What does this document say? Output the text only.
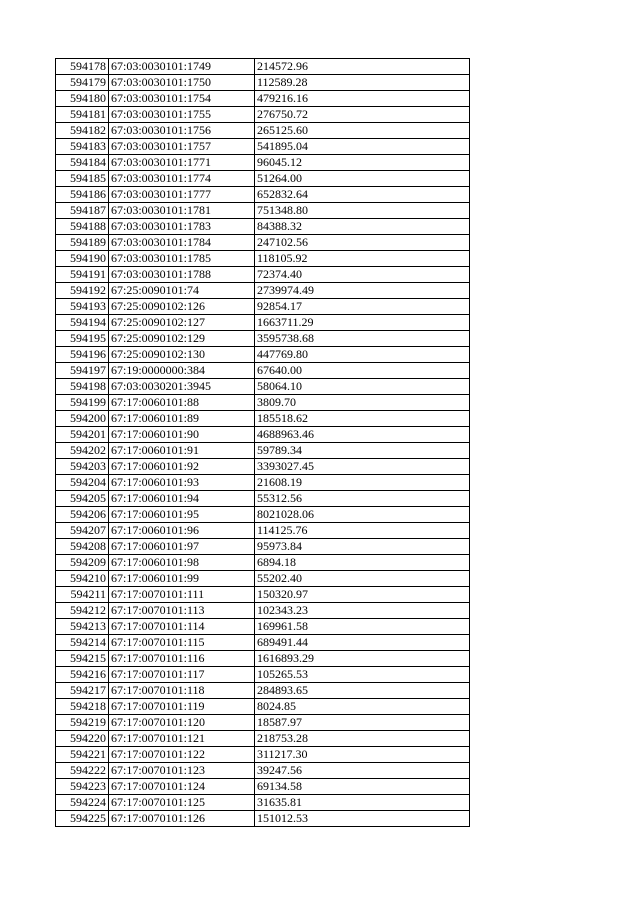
594178	67:03:0030101:1749	214572.96
594179	67:03:0030101:1750	112589.28
594180	67:03:0030101:1754	479216.16
594181	67:03:0030101:1755	276750.72
594182	67:03:0030101:1756	265125.60
594183	67:03:0030101:1757	541895.04
594184	67:03:0030101:1771	96045.12
594185	67:03:0030101:1774	51264.00
594186	67:03:0030101:1777	652832.64
594187	67:03:0030101:1781	751348.80
594188	67:03:0030101:1783	84388.32
594189	67:03:0030101:1784	247102.56
594190	67:03:0030101:1785	118105.92
594191	67:03:0030101:1788	72374.40
594192	67:25:0090101:74	2739974.49
594193	67:25:0090102:126	92854.17
594194	67:25:0090102:127	1663711.29
594195	67:25:0090102:129	3595738.68
594196	67:25:0090102:130	447769.80
594197	67:19:0000000:384	67640.00
594198	67:03:0030201:3945	58064.10
594199	67:17:0060101:88	3809.70
594200	67:17:0060101:89	185518.62
594201	67:17:0060101:90	4688963.46
594202	67:17:0060101:91	59789.34
594203	67:17:0060101:92	3393027.45
594204	67:17:0060101:93	21608.19
594205	67:17:0060101:94	55312.56
594206	67:17:0060101:95	8021028.06
594207	67:17:0060101:96	114125.76
594208	67:17:0060101:97	95973.84
594209	67:17:0060101:98	6894.18
594210	67:17:0060101:99	55202.40
594211	67:17:0070101:111	150320.97
594212	67:17:0070101:113	102343.23
594213	67:17:0070101:114	169961.58
594214	67:17:0070101:115	689491.44
594215	67:17:0070101:116	1616893.29
594216	67:17:0070101:117	105265.53
594217	67:17:0070101:118	284893.65
594218	67:17:0070101:119	8024.85
594219	67:17:0070101:120	18587.97
594220	67:17:0070101:121	218753.28
594221	67:17:0070101:122	311217.30
594222	67:17:0070101:123	39247.56
594223	67:17:0070101:124	69134.58
594224	67:17:0070101:125	31635.81
594225	67:17:0070101:126	151012.53
